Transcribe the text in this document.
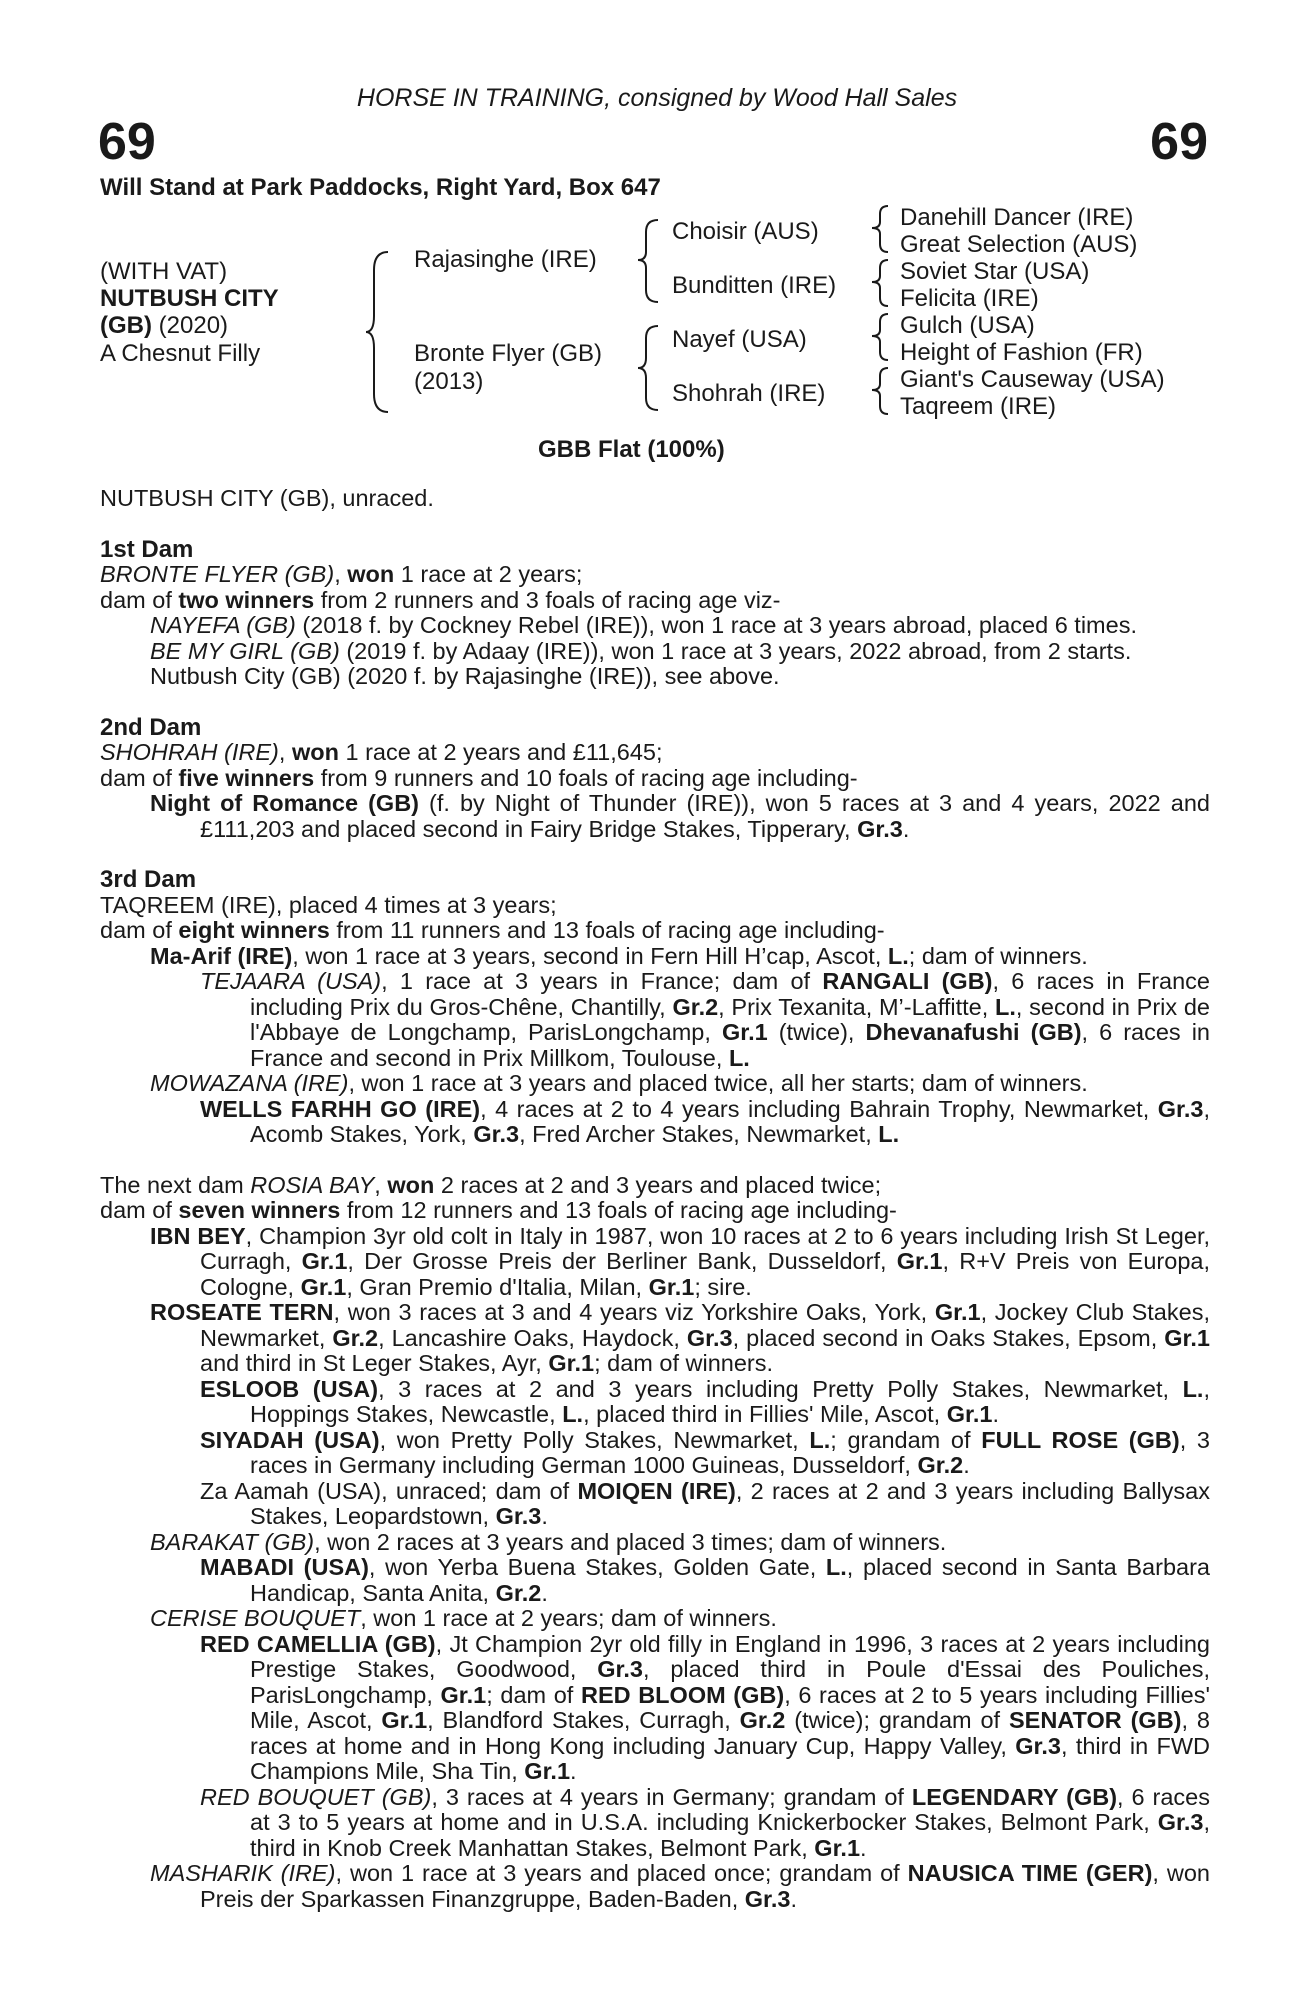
HORSE IN TRAINING, consigned by Wood Hall Sales
69	69
Will Stand at Park Paddocks, Right Yard, Box 647
(WITH VAT)
NUTBUSH CITY
(GB) (2020)
A Chesnut Filly
Rajasinghe (IRE)
Bronte Flyer (GB)
(2013)
Choisir (AUS)
Bunditten (IRE)
Nayef (USA)
Shohrah (IRE)
Danehill Dancer (IRE)
Great Selection (AUS)
Soviet Star (USA)
Felicita (IRE)
Gulch (USA)
Height of Fashion (FR)
Giant's Causeway (USA)
Taqreem (IRE)
GBB Flat (100%)

NUTBUSH CITY (GB), unraced.

1st Dam

BRONTE FLYER (GB), won 1 race at 2 years;

dam of two winners from 2 runners and 3 foals of racing age viz-

NAYEFA (GB) (2018 f. by Cockney Rebel (IRE)), won 1 race at 3 years abroad, placed 6 times.

BE MY GIRL (GB) (2019 f. by Adaay (IRE)), won 1 race at 3 years, 2022 abroad, from 2 starts.

Nutbush City (GB) (2020 f. by Rajasinghe (IRE)), see above.

2nd Dam

SHOHRAH (IRE), won 1 race at 2 years and £11,645;

dam of five winners from 9 runners and 10 foals of racing age including-

Night of Romance (GB) (f. by Night of Thunder (IRE)), won 5 races at 3 and 4 years, 2022 and £111,203 and placed second in Fairy Bridge Stakes, Tipperary, Gr.3.

3rd Dam

TAQREEM (IRE), placed 4 times at 3 years;

dam of eight winners from 11 runners and 13 foals of racing age including-

Ma-Arif (IRE), won 1 race at 3 years, second in Fern Hill H’cap, Ascot, L.; dam of winners.

TEJAARA (USA), 1 race at 3 years in France; dam of RANGALI (GB), 6 races in France including Prix du Gros-Chêne, Chantilly, Gr.2, Prix Texanita, M’-Laffitte, L., second in Prix de l'Abbaye de Longchamp, ParisLongchamp, Gr.1 (twice), Dhevanafushi (GB), 6 races in France and second in Prix Millkom, Toulouse, L.

MOWAZANA (IRE), won 1 race at 3 years and placed twice, all her starts; dam of winners.

WELLS FARHH GO (IRE), 4 races at 2 to 4 years including Bahrain Trophy, Newmarket, Gr.3, Acomb Stakes, York, Gr.3, Fred Archer Stakes, Newmarket, L.

The next dam ROSIA BAY, won 2 races at 2 and 3 years and placed twice;

dam of seven winners from 12 runners and 13 foals of racing age including-

IBN BEY, Champion 3yr old colt in Italy in 1987, won 10 races at 2 to 6 years including Irish St Leger, Curragh, Gr.1, Der Grosse Preis der Berliner Bank, Dusseldorf, Gr.1, R+V Preis von Europa, Cologne, Gr.1, Gran Premio d'Italia, Milan, Gr.1; sire.

ROSEATE TERN, won 3 races at 3 and 4 years viz Yorkshire Oaks, York, Gr.1, Jockey Club Stakes, Newmarket, Gr.2, Lancashire Oaks, Haydock, Gr.3, placed second in Oaks Stakes, Epsom, Gr.1 and third in St Leger Stakes, Ayr, Gr.1; dam of winners.

ESLOOB (USA), 3 races at 2 and 3 years including Pretty Polly Stakes, Newmarket, L., Hoppings Stakes, Newcastle, L., placed third in Fillies' Mile, Ascot, Gr.1.

SIYADAH (USA), won Pretty Polly Stakes, Newmarket, L.; grandam of FULL ROSE (GB), 3 races in Germany including German 1000 Guineas, Dusseldorf, Gr.2.

Za Aamah (USA), unraced; dam of MOIQEN (IRE), 2 races at 2 and 3 years including Ballysax Stakes, Leopardstown, Gr.3.

BARAKAT (GB), won 2 races at 3 years and placed 3 times; dam of winners.

MABADI (USA), won Yerba Buena Stakes, Golden Gate, L., placed second in Santa Barbara Handicap, Santa Anita, Gr.2.

CERISE BOUQUET, won 1 race at 2 years; dam of winners.

RED CAMELLIA (GB), Jt Champion 2yr old filly in England in 1996, 3 races at 2 years including Prestige Stakes, Goodwood, Gr.3, placed third in Poule d'Essai des Pouliches, ParisLongchamp, Gr.1; dam of RED BLOOM (GB), 6 races at 2 to 5 years including Fillies' Mile, Ascot, Gr.1, Blandford Stakes, Curragh, Gr.2 (twice); grandam of SENATOR (GB), 8 races at home and in Hong Kong including January Cup, Happy Valley, Gr.3, third in FWD Champions Mile, Sha Tin, Gr.1.

RED BOUQUET (GB), 3 races at 4 years in Germany; grandam of LEGENDARY (GB), 6 races at 3 to 5 years at home and in U.S.A. including Knickerbocker Stakes, Belmont Park, Gr.3, third in Knob Creek Manhattan Stakes, Belmont Park, Gr.1.

MASHARIK (IRE), won 1 race at 3 years and placed once; grandam of NAUSICA TIME (GER), won Preis der Sparkassen Finanzgruppe, Baden-Baden, Gr.3.
